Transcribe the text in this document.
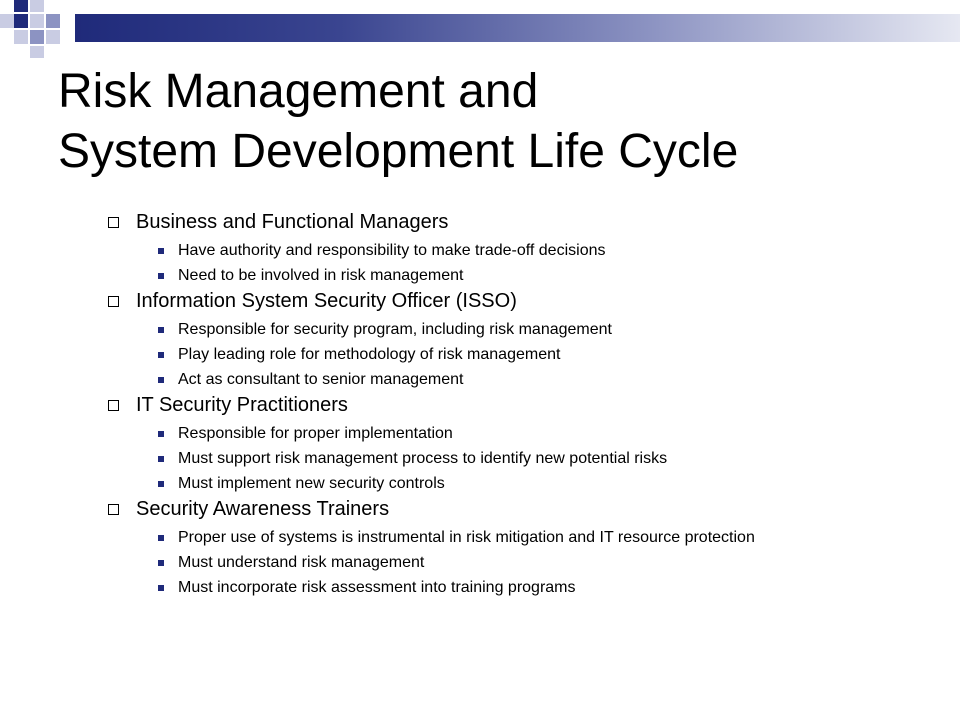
Risk Management and
System Development Life Cycle
Business and Functional Managers
Have authority and responsibility to make trade-off decisions
Need to be involved in risk management
Information System Security Officer (ISSO)
Responsible for security program, including risk management
Play leading role for methodology of risk management
Act as consultant to senior management
IT Security Practitioners
Responsible for proper implementation
Must support risk management process to identify new potential risks
Must implement new security controls
Security Awareness Trainers
Proper use of systems is instrumental in risk mitigation and IT resource protection
Must understand risk management
Must incorporate risk assessment into training programs
